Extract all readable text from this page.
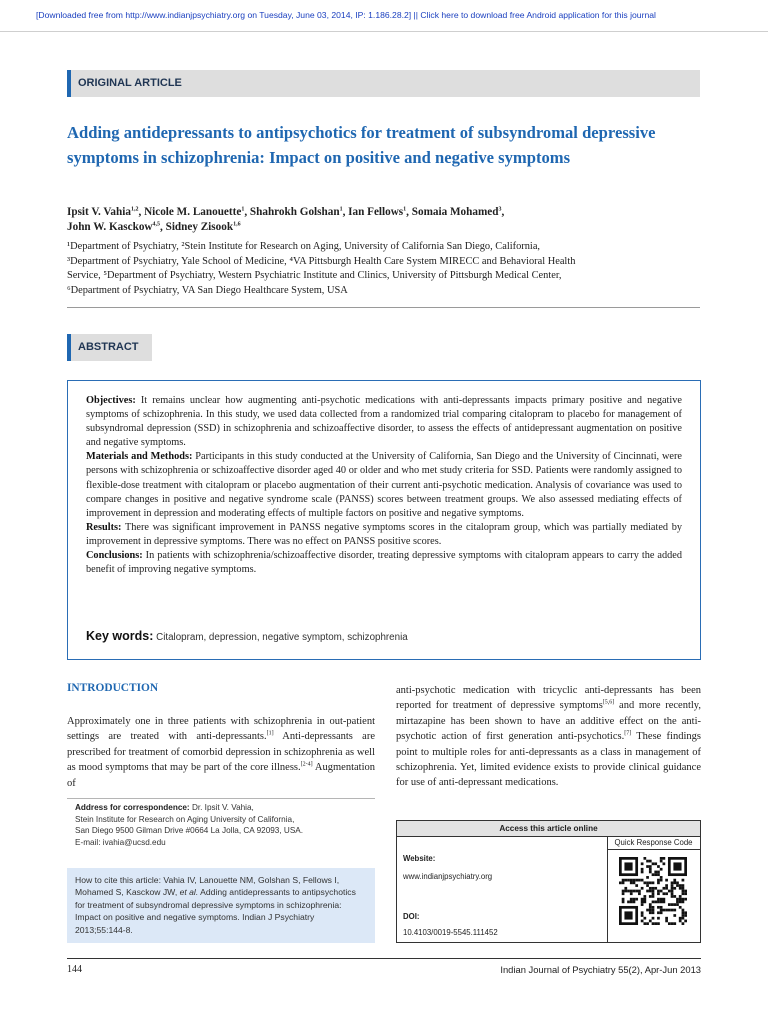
[Downloaded free from http://www.indianjpsychiatry.org on Tuesday, June 03, 2014, IP: 1.186.28.2] || Click here to download free Android application for this journal
ORIGINAL ARTICLE
Adding antidepressants to antipsychotics for treatment of subsyndromal depressive symptoms in schizophrenia: Impact on positive and negative symptoms
Ipsit V. Vahia$^{1,2}$, Nicole M. Lanouette$^1$, Shahrokh Golshan$^1$, Ian Fellows$^1$, Somaia Mohamed$^3$,
John W. Kasckow$^{4,5}$, Sidney Zisook$^{1,6}$
¹Department of Psychiatry, ²Stein Institute for Research on Aging, University of California San Diego, California,
³Department of Psychiatry, Yale School of Medicine, ⁴VA Pittsburgh Health Care System MIRECC and Behavioral Health
Service, ⁵Department of Psychiatry, Western Psychiatric Institute and Clinics, University of Pittsburgh Medical Center,
⁶Department of Psychiatry, VA San Diego Healthcare System, USA
ABSTRACT

Objectives: It remains unclear how augmenting anti-psychotic medications with anti-depressants impacts primary positive and negative symptoms of schizophrenia. In this study, we used data collected from a randomized trial comparing citalopram to placebo for management of subsyndromal depression (SSD) in schizophrenia and schizoaffective disorder, to assess the effects of antidepressant augmentation on positive and negative symptoms.

Materials and Methods: Participants in this study conducted at the University of California, San Diego and the University of Cincinnati, were persons with schizophrenia or schizoaffective disorder aged 40 or older and who met study criteria for SSD. Patients were randomly assigned to flexible-dose treatment with citalopram or placebo augmentation of their current anti-psychotic medication. Analysis of covariance was used to compare changes in positive and negative syndrome scale (PANSS) scores between treatment groups. We also assessed mediating effects of improvement in depression and moderating effects of multiple factors on positive and negative symptoms.

Results: There was significant improvement in PANSS negative symptoms scores in the citalopram group, which was partially mediated by improvement in depressive symptoms. There was no effect on PANSS positive scores.

Conclusions: In patients with schizophrenia/schizoaffective disorder, treating depressive symptoms with citalopram appears to carry the added benefit of improving negative symptoms.

Key words: Citalopram, depression, negative symptom, schizophrenia
INTRODUCTION
Approximately one in three patients with schizophrenia in out-patient settings are treated with anti-depressants.[1] Anti-depressants are prescribed for treatment of comorbid depression in schizophrenia as well as mood symptoms that may be part of the core illness.[2-4] Augmentation of
anti-psychotic medication with tricyclic anti-depressants has been reported for treatment of depressive symptoms[5,6] and more recently, mirtazapine has been shown to have an additive effect on the anti-psychotic action of first generation anti-psychotics.[7] These findings point to multiple roles for anti-depressants as a class in management of schizophrenia. Yet, limited evidence exists to provide clinical guidance for use of anti-depressant medications.
Address for correspondence: Dr. Ipsit V. Vahia,
Stein Institute for Research on Aging University of California,
San Diego 9500 Gilman Drive #0664 La Jolla, CA 92093, USA.
E-mail: ivahia@ucsd.edu
How to cite this article: Vahia IV, Lanouette NM, Golshan S, Fellows I, Mohamed S, Kasckow JW, et al. Adding antidepressants to antipsychotics for treatment of subsyndromal depressive symptoms in schizophrenia: Impact on positive and negative symptoms. Indian J Psychiatry 2013;55:144-8.
Access this article online
Website:
www.indianjpsychiatry.org
DOI:
10.4103/0019-5545.111452
Quick Response Code
144	Indian Journal of Psychiatry 55(2), Apr-Jun 2013
